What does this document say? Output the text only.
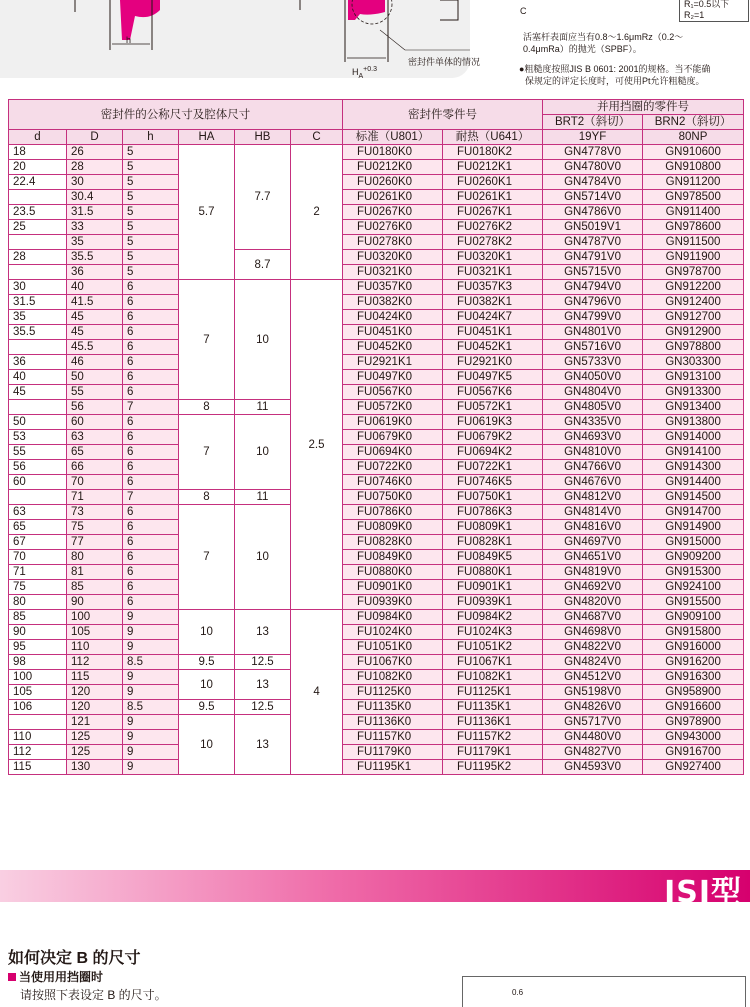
h
$H_A^{+0.3}$
密封件单体的情况
C
R₁=0.5以下
R₂=1
活塞杆表面应当有0.8～1.6μmRz（0.2～
0.4μmRa）的抛光（SPBF）。
●粗糙度按照JIS B 0601: 2001的规格。当不能确
保规定的评定长度时，可使用Pt允许粗糙度。
密封件的公称尺寸及腔体尺寸						密封件零件号		并用挡圈的零件号	
								BRT2（斜切）	BRN2（斜切）
d	D	h	HA	HB	C	标准（U801）	耐热（U641）	19YF	80NP
18	26	5	5.7	7.7	2	FU0180K0	FU0180K2	GN4778V0	GN910600
20	28	5				FU0212K0	FU0212K1	GN4780V0	GN910800
22.4	30	5				FU0260K0	FU0260K1	GN4784V0	GN911200
	30.4	5				FU0261K0	FU0261K1	GN5714V0	GN978500
23.5	31.5	5				FU0267K0	FU0267K1	GN4786V0	GN911400
25	33	5				FU0276K0	FU0276K2	GN5019V1	GN978600
	35	5				FU0278K0	FU0278K2	GN4787V0	GN911500
28	35.5	5		8.7		FU0320K0	FU0320K1	GN4791V0	GN911900
	36	5				FU0321K0	FU0321K1	GN5715V0	GN978700
30	40	6	7	10	2.5	FU0357K0	FU0357K3	GN4794V0	GN912200
31.5	41.5	6				FU0382K0	FU0382K1	GN4796V0	GN912400
35	45	6				FU0424K0	FU0424K7	GN4799V0	GN912700
35.5	45	6				FU0451K0	FU0451K1	GN4801V0	GN912900
	45.5	6				FU0452K0	FU0452K1	GN5716V0	GN978800
36	46	6				FU2921K1	FU2921K0	GN5733V0	GN303300
40	50	6				FU0497K0	FU0497K5	GN4050V0	GN913100
45	55	6				FU0567K0	FU0567K6	GN4804V0	GN913300
	56	7	8	11		FU0572K0	FU0572K1	GN4805V0	GN913400
50	60	6	7	10		FU0619K0	FU0619K3	GN4335V0	GN913800
53	63	6				FU0679K0	FU0679K2	GN4693V0	GN914000
55	65	6				FU0694K0	FU0694K2	GN4810V0	GN914100
56	66	6				FU0722K0	FU0722K1	GN4766V0	GN914300
60	70	6				FU0746K0	FU0746K5	GN4676V0	GN914400
	71	7	8	11		FU0750K0	FU0750K1	GN4812V0	GN914500
63	73	6	7	10		FU0786K0	FU0786K3	GN4814V0	GN914700
65	75	6				FU0809K0	FU0809K1	GN4816V0	GN914900
67	77	6				FU0828K0	FU0828K1	GN4697V0	GN915000
70	80	6				FU0849K0	FU0849K5	GN4651V0	GN909200
71	81	6				FU0880K0	FU0880K1	GN4819V0	GN915300
75	85	6				FU0901K0	FU0901K1	GN4692V0	GN924100
80	90	6				FU0939K0	FU0939K1	GN4820V0	GN915500
85	100	9	10	13	4	FU0984K0	FU0984K2	GN4687V0	GN909100
90	105	9				FU1024K0	FU1024K3	GN4698V0	GN915800
95	110	9				FU1051K0	FU1051K2	GN4822V0	GN916000
98	112	8.5	9.5	12.5		FU1067K0	FU1067K1	GN4824V0	GN916200
100	115	9	10	13		FU1082K0	FU1082K1	GN4512V0	GN916300
105	120	9				FU1125K0	FU1125K1	GN5198V0	GN958900
106	120	8.5	9.5	12.5		FU1135K0	FU1135K1	GN4826V0	GN916600
	121	9	10	13		FU1136K0	FU1136K1	GN5717V0	GN978900
110	125	9				FU1157K0	FU1157K2	GN4480V0	GN943000
112	125	9				FU1179K0	FU1179K1	GN4827V0	GN916700
115	130	9				FU1195K1	FU1195K2	GN4593V0	GN927400
ISI型
如何决定 B 的尺寸
当使用用挡圈时
请按照下表设定 B 的尺寸。	0.6
